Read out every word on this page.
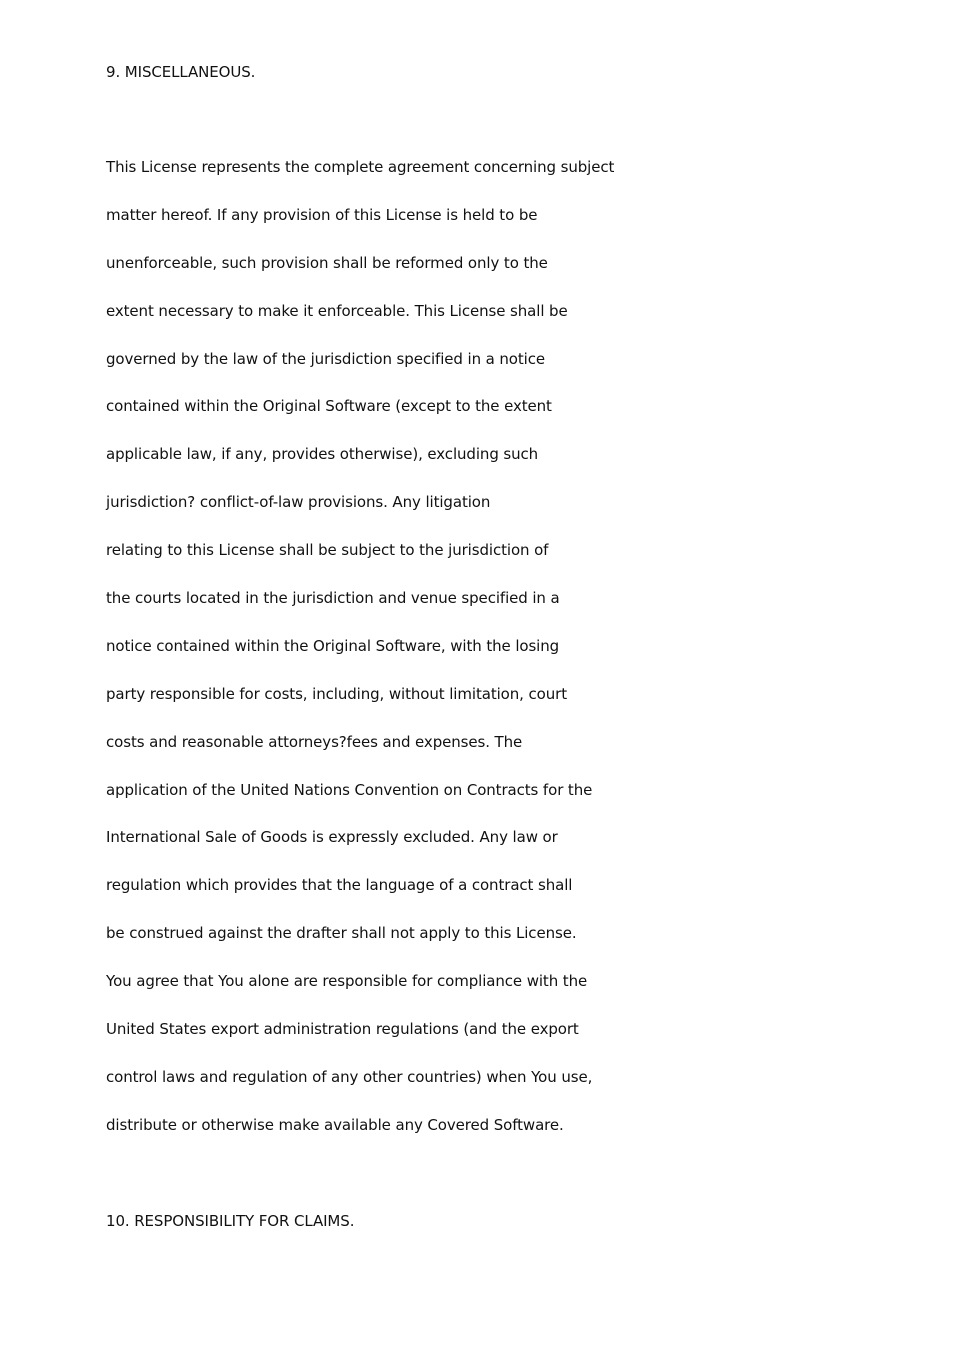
9. MISCELLANEOUS.
This License represents the complete agreement concerning subject
matter hereof. If any provision of this License is held to be
unenforceable, such provision shall be reformed only to the
extent necessary to make it enforceable. This License shall be
governed by the law of the jurisdiction specified in a notice
contained within the Original Software (except to the extent
applicable law, if any, provides otherwise), excluding such
jurisdiction? conflict-of-law provisions. Any litigation
relating to this License shall be subject to the jurisdiction of
the courts located in the jurisdiction and venue specified in a
notice contained within the Original Software, with the losing
party responsible for costs, including, without limitation, court
costs and reasonable attorneys?fees and expenses. The
application of the United Nations Convention on Contracts for the
International Sale of Goods is expressly excluded. Any law or
regulation which provides that the language of a contract shall
be construed against the drafter shall not apply to this License.
You agree that You alone are responsible for compliance with the
United States export administration regulations (and the export
control laws and regulation of any other countries) when You use,
distribute or otherwise make available any Covered Software.
10. RESPONSIBILITY FOR CLAIMS.
